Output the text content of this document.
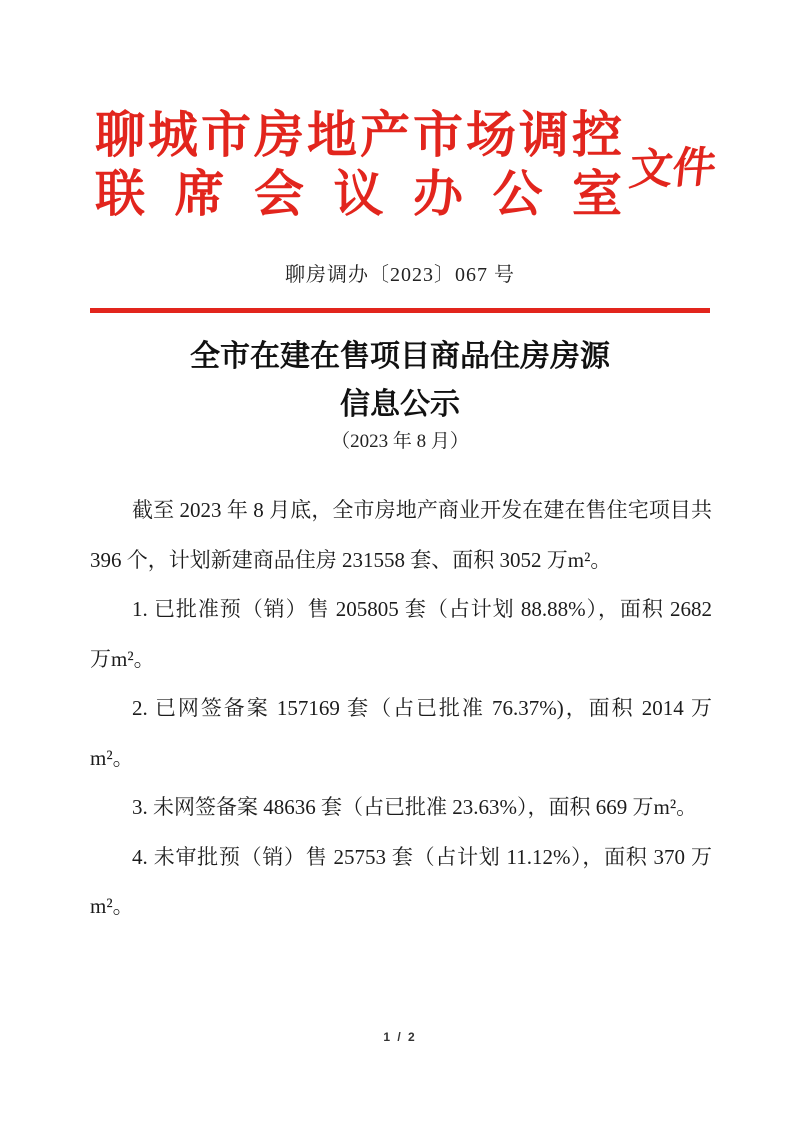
聊城市房地产市场调控
联席会议办公室 文件
聊房调办〔2023〕067 号
全市在建在售项目商品住房房源
信息公示
（2023 年 8 月）

截至 2023 年 8 月底，全市房地产商业开发在建在售住宅项目共 396 个，计划新建商品住房 231558 套、面积 3052 万m²。

1. 已批准预（销）售 205805 套（占计划 88.88%），面积 2682 万m²。

2. 已网签备案 157169 套（占已批准 76.37%)，面积 2014 万m²。

3. 未网签备案 48636 套（占已批准 23.63%），面积 669 万m²。

4. 未审批预（销）售 25753 套（占计划 11.12%），面积 370 万m²。

1 / 2
